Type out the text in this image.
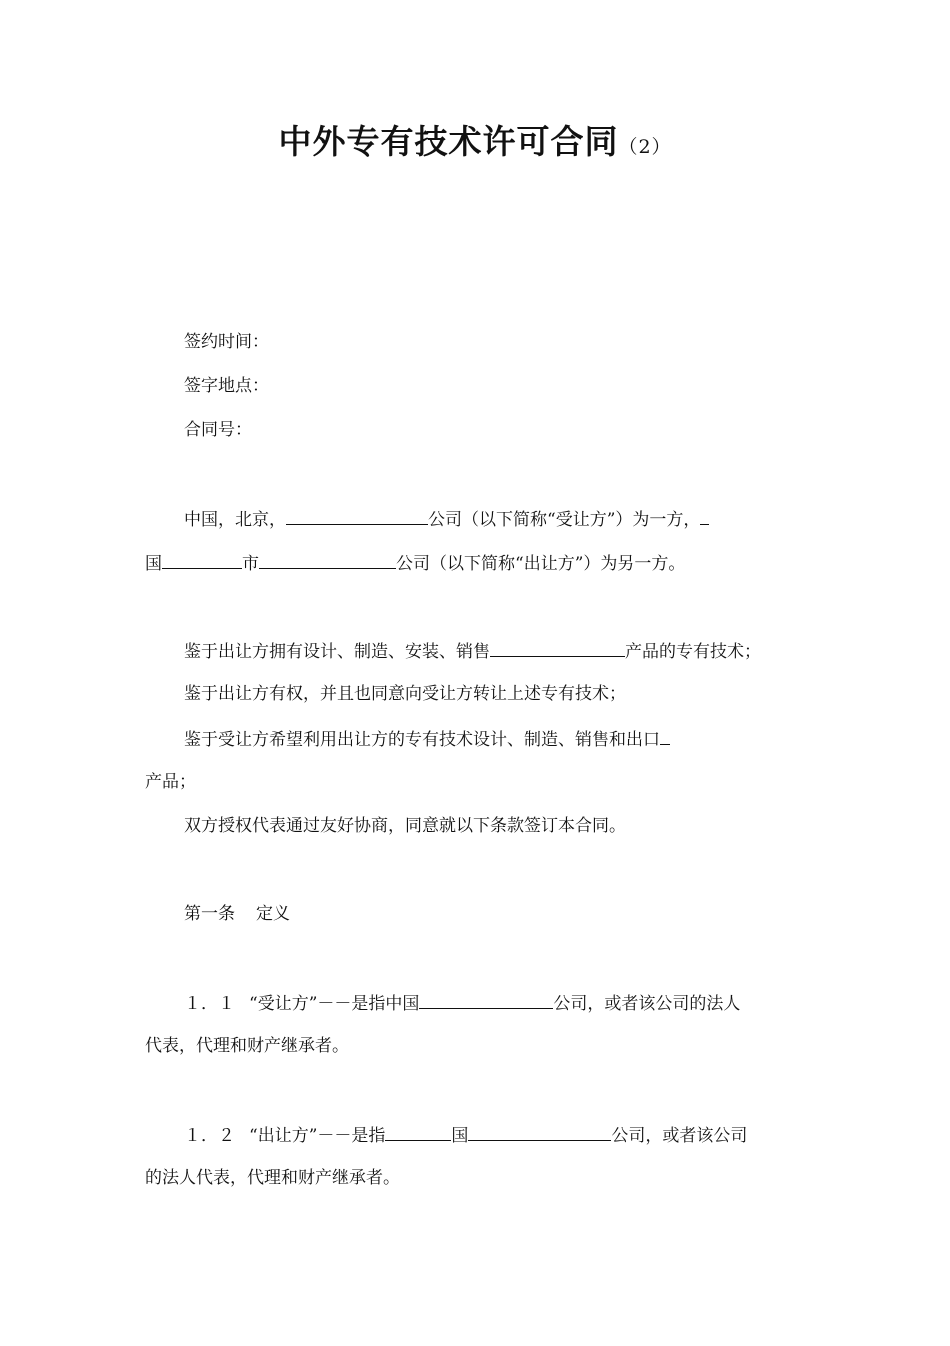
中外专有技术许可合同（2）
签约时间：
签字地点：
合同号：
中国，北京，	公司（以下简称“受让方”）为一方，
国	市	公司（以下简称“出让方”）为另一方。
鉴于出让方拥有设计、制造、安装、销售	产品的专有技术；
鉴于出让方有权，并且也同意向受让方转让上述专有技术；
鉴于受让方希望利用出让方的专有技术设计、制造、销售和出口
产品；
双方授权代表通过友好协商，同意就以下条款签订本合同。
第一条 定义
１．１ “受让方”－－是指中国	公司，或者该公司的法人
代表，代理和财产继承者。
１．２ “出让方”－－是指	国	公司，或者该公司
的法人代表，代理和财产继承者。
